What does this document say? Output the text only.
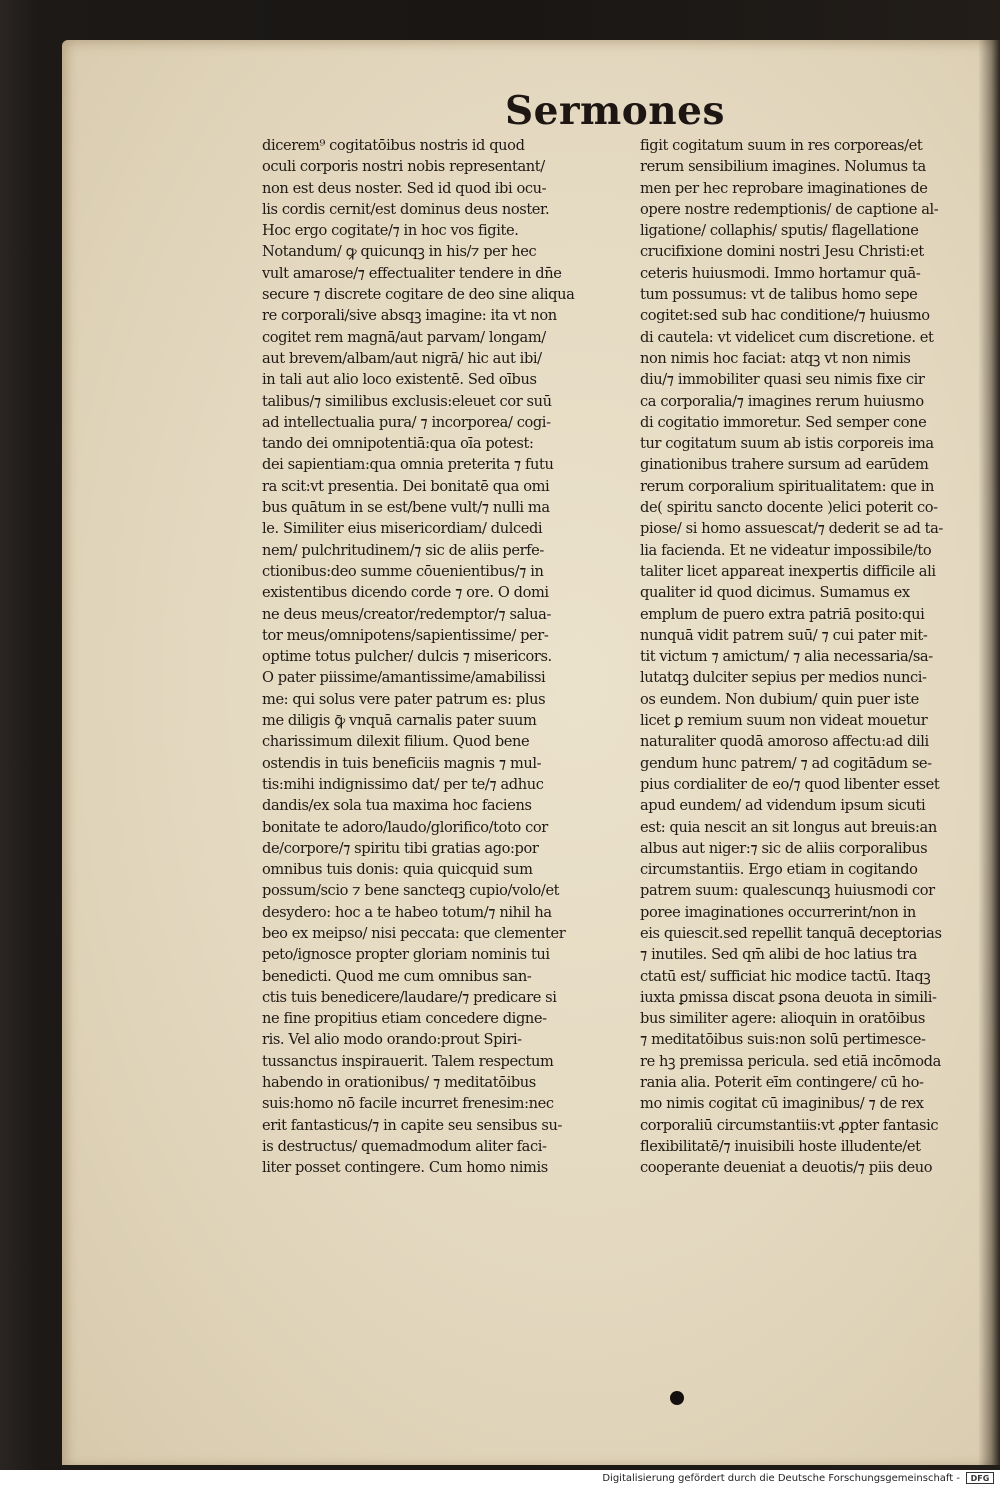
Sermones
dicerem⁹ cogitatōibus nostris id quod
oculi corporis nostri nobis representant/
non est deus noster. Sed id quod ibi ocu-
lis cordis cernit/est dominus deus noster.
Hoc ergo cogitate/⁊ in hoc vos figite.
Notandum/ ꝙ quicunqꝫ in his/⁊ per hec
vult amarose/⁊ effectualiter tendere in dn̄e
secure ⁊ discrete cogitare de deo sine aliqua
re corporali/sive absqꝫ imagine: ita vt non
cogitet rem magnā/aut parvam/ longam/
aut brevem/albam/aut nigrā/ hic aut ibi/
in tali aut alio loco existentē. Sed oībus
talibus/⁊ similibus exclusis:eleuet cor suū
ad intellectualia pura/ ⁊ incorporea/ cogi-
tando dei omnipotentiā:qua oīa potest:
dei sapientiam:qua omnia preterita ⁊ futu
ra scit:vt presentia. Dei bonitatē qua omi
bus quātum in se est/bene vult/⁊ nulli ma
le. Similiter eius misericordiam/ dulcedi
nem/ pulchritudinem/⁊ sic de aliis perfe-
ctionibus:deo summe cōuenientibus/⁊ in
existentibus dicendo corde ⁊ ore. O domi
ne deus meus/creator/redemptor/⁊ salua-
tor meus/omnipotens/sapientissime/ per-
optime totus pulcher/ dulcis ⁊ misericors.
O pater piissime/amantissime/amabilissi
me: qui solus vere pater patrum es: plus
me diligis ꝙ̄ vnquā carnalis pater suum
charissimum dilexit filium. Quod bene
ostendis in tuis beneficiis magnis ⁊ mul-
tis:mihi indignissimo dat/ per te/⁊ adhuc
dandis/ex sola tua maxima hoc faciens
bonitate te adoro/laudo/glorifico/toto cor
de/corpore/⁊ spiritu tibi gratias ago:por
omnibus tuis donis: quia quicquid sum
possum/scio ⁊ bene sancteqꝫ cupio/volo/et
desydero: hoc a te habeo totum/⁊ nihil ha
beo ex meipso/ nisi peccata: que clementer
peto/ignosce propter gloriam nominis tui
benedicti. Quod me cum omnibus san-
ctis tuis benedicere/laudare/⁊ predicare si
ne fine propitius etiam concedere digne-
ris. Vel alio modo orando:prout Spiri-
tussanctus inspirauerit. Talem respectum
habendo in orationibus/ ⁊ meditatōibus
suis:homo nō facile incurret frenesim:nec
erit fantasticus/⁊ in capite seu sensibus su-
is destructus/ quemadmodum aliter faci-
liter posset contingere. Cum homo nimis
figit cogitatum suum in res corporeas/et
rerum sensibilium imagines. Nolumus ta
men per hec reprobare imaginationes de
opere nostre redemptionis/ de captione al-
ligatione/ collaphis/ sputis/ flagellatione
crucifixione domini nostri Jesu Christi:et
ceteris huiusmodi. Immo hortamur quā-
tum possumus: vt de talibus homo sepe
cogitet:sed sub hac conditione/⁊ huiusmo
di cautela: vt videlicet cum discretione. et
non nimis hoc faciat: atqꝫ vt non nimis
diu/⁊ immobiliter quasi seu nimis fixe cir
ca corporalia/⁊ imagines rerum huiusmo
di cogitatio immoretur. Sed semper cone
tur cogitatum suum ab istis corporeis ima
ginationibus trahere sursum ad earūdem
rerum corporalium spiritualitatem: que in
de( spiritu sancto docente )elici poterit co-
piose/ si homo assuescat/⁊ dederit se ad ta-
lia facienda. Et ne videatur impossibile/to
taliter licet appareat inexpertis difficile ali
qualiter id quod dicimus. Sumamus ex
emplum de puero extra patriā posito:qui
nunquā vidit patrem suū/ ⁊ cui pater mit-
tit victum ⁊ amictum/ ⁊ alia necessaria/sa-
lutatqꝫ dulciter sepius per medios nunci-
os eundem. Non dubium/ quin puer iste
licet ꝑ remium suum non videat mouetur
naturaliter quodā amoroso affectu:ad dili
gendum hunc patrem/ ⁊ ad cogitādum se-
pius cordialiter de eo/⁊ quod libenter esset
apud eundem/ ad videndum ipsum sicuti
est: quia nescit an sit longus aut breuis:an
albus aut niger:⁊ sic de aliis corporalibus
circumstantiis. Ergo etiam in cogitando
patrem suum: qualescunqꝫ huiusmodi cor
poree imaginationes occurrerint/non in
eis quiescit.sed repellit tanquā deceptorias
⁊ inutiles. Sed qm̄ alibi de hoc latius tra
ctatū est/ sufficiat hic modice tactū. Itaqꝫ
iuxta ꝑmissa discat ꝑsona deuota in simili-
bus similiter agere: alioquin in oratōibus
⁊ meditatōibus suis:non solū pertimesce-
re hꝫ premissa pericula. sed etiā incōmoda
rania alia. Poterit eīm contingere/ cū ho-
mo nimis cogitat cū imaginibus/ ⁊ de rex
corporaliū circumstantiis:vt ꝓpter fantasic
flexibilitatē/⁊ inuisibili hoste illudente/et
cooperante deueniat a deuotis/⁊ piis deuo
Digitalisierung gefördert durch die Deutsche Forschungsgemeinschaft -	DFG
